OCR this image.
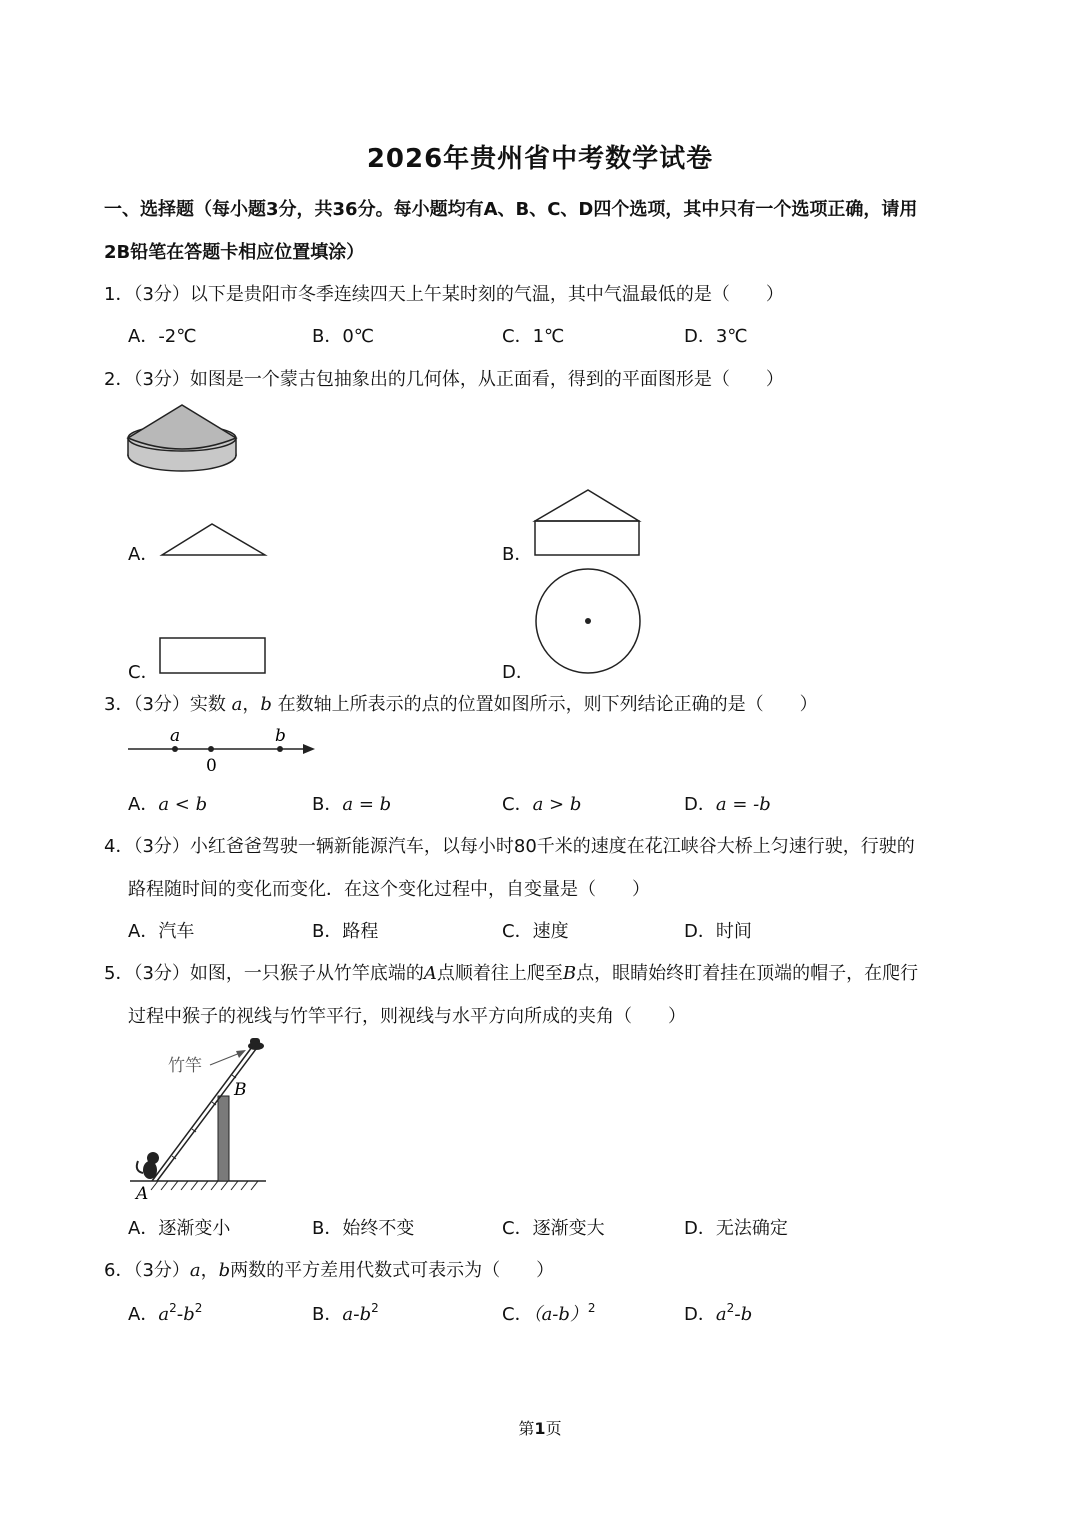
2026年贵州省中考数学试卷
一、选择题（每小题3分，共36分。每小题均有A、B、C、D四个选项，其中只有一个选项正确，请用
2B铅笔在答题卡相应位置填涂）
1．（3分）以下是贵阳市冬季连续四天上午某时刻的气温，其中气温最低的是（　　）
A．-2℃	B．0℃	C．1℃	D．3℃
2．（3分）如图是一个蒙古包抽象出的几何体，从正面看，得到的平面图形是（　　）
A．	B．
C．	D．
3．（3分）实数 a，b 在数轴上所表示的点的位置如图所示，则下列结论正确的是（　　）
a	b
0
A．a < b	B．a = b	C．a > b	D．a = -b
4．（3分）小红爸爸驾驶一辆新能源汽车，以每小时80千米的速度在花江峡谷大桥上匀速行驶，行驶的
路程随时间的变化而变化．在这个变化过程中，自变量是（　　）
A．汽车	B．路程	C．速度	D．时间
5．（3分）如图，一只猴子从竹竿底端的A点顺着往上爬至B点，眼睛始终盯着挂在顶端的帽子，在爬行
过程中猴子的视线与竹竿平行，则视线与水平方向所成的夹角（　　）
竹竿
B
A
A．逐渐变小	B．始终不变	C．逐渐变大	D．无法确定
6．（3分）a，b两数的平方差用代数式可表示为（　　）
A．$a^2-b^2$	B．$a-b^2$	C．$(a-b)^2$	D．$a^2-b$
第1页
